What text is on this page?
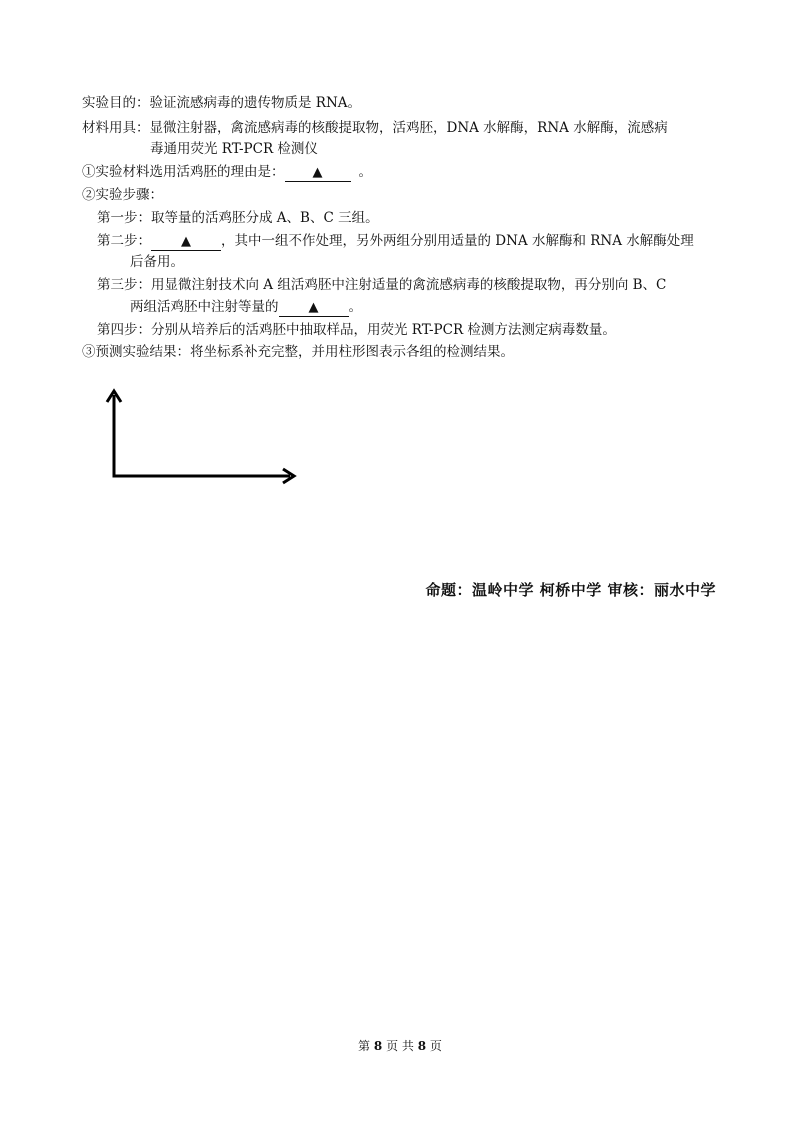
实验目的：验证流感病毒的遗传物质是 RNA。
材料用具：显微注射器，禽流感病毒的核酸提取物，活鸡胚，DNA 水解酶，RNA 水解酶，流感病
毒通用荧光 RT-PCR 检测仪
①实验材料选用活鸡胚的理由是： ▲	。
②实验步骤：
第一步：取等量的活鸡胚分成 A、B、C 三组。
第二步： ▲ ，其中一组不作处理，另外两组分别用适量的 DNA 水解酶和 RNA 水解酶处理
后备用。
第三步：用显微注射技术向 A 组活鸡胚中注射适量的禽流感病毒的核酸提取物，再分别向 B、C
两组活鸡胚中注射等量的 ▲ 。
第四步：分别从培养后的活鸡胚中抽取样品，用荧光 RT-PCR 检测方法测定病毒数量。
③预测实验结果：将坐标系补充完整，并用柱形图表示各组的检测结果。
命题：温岭中学 柯桥中学 审核：丽水中学
第 8 页 共 8 页
